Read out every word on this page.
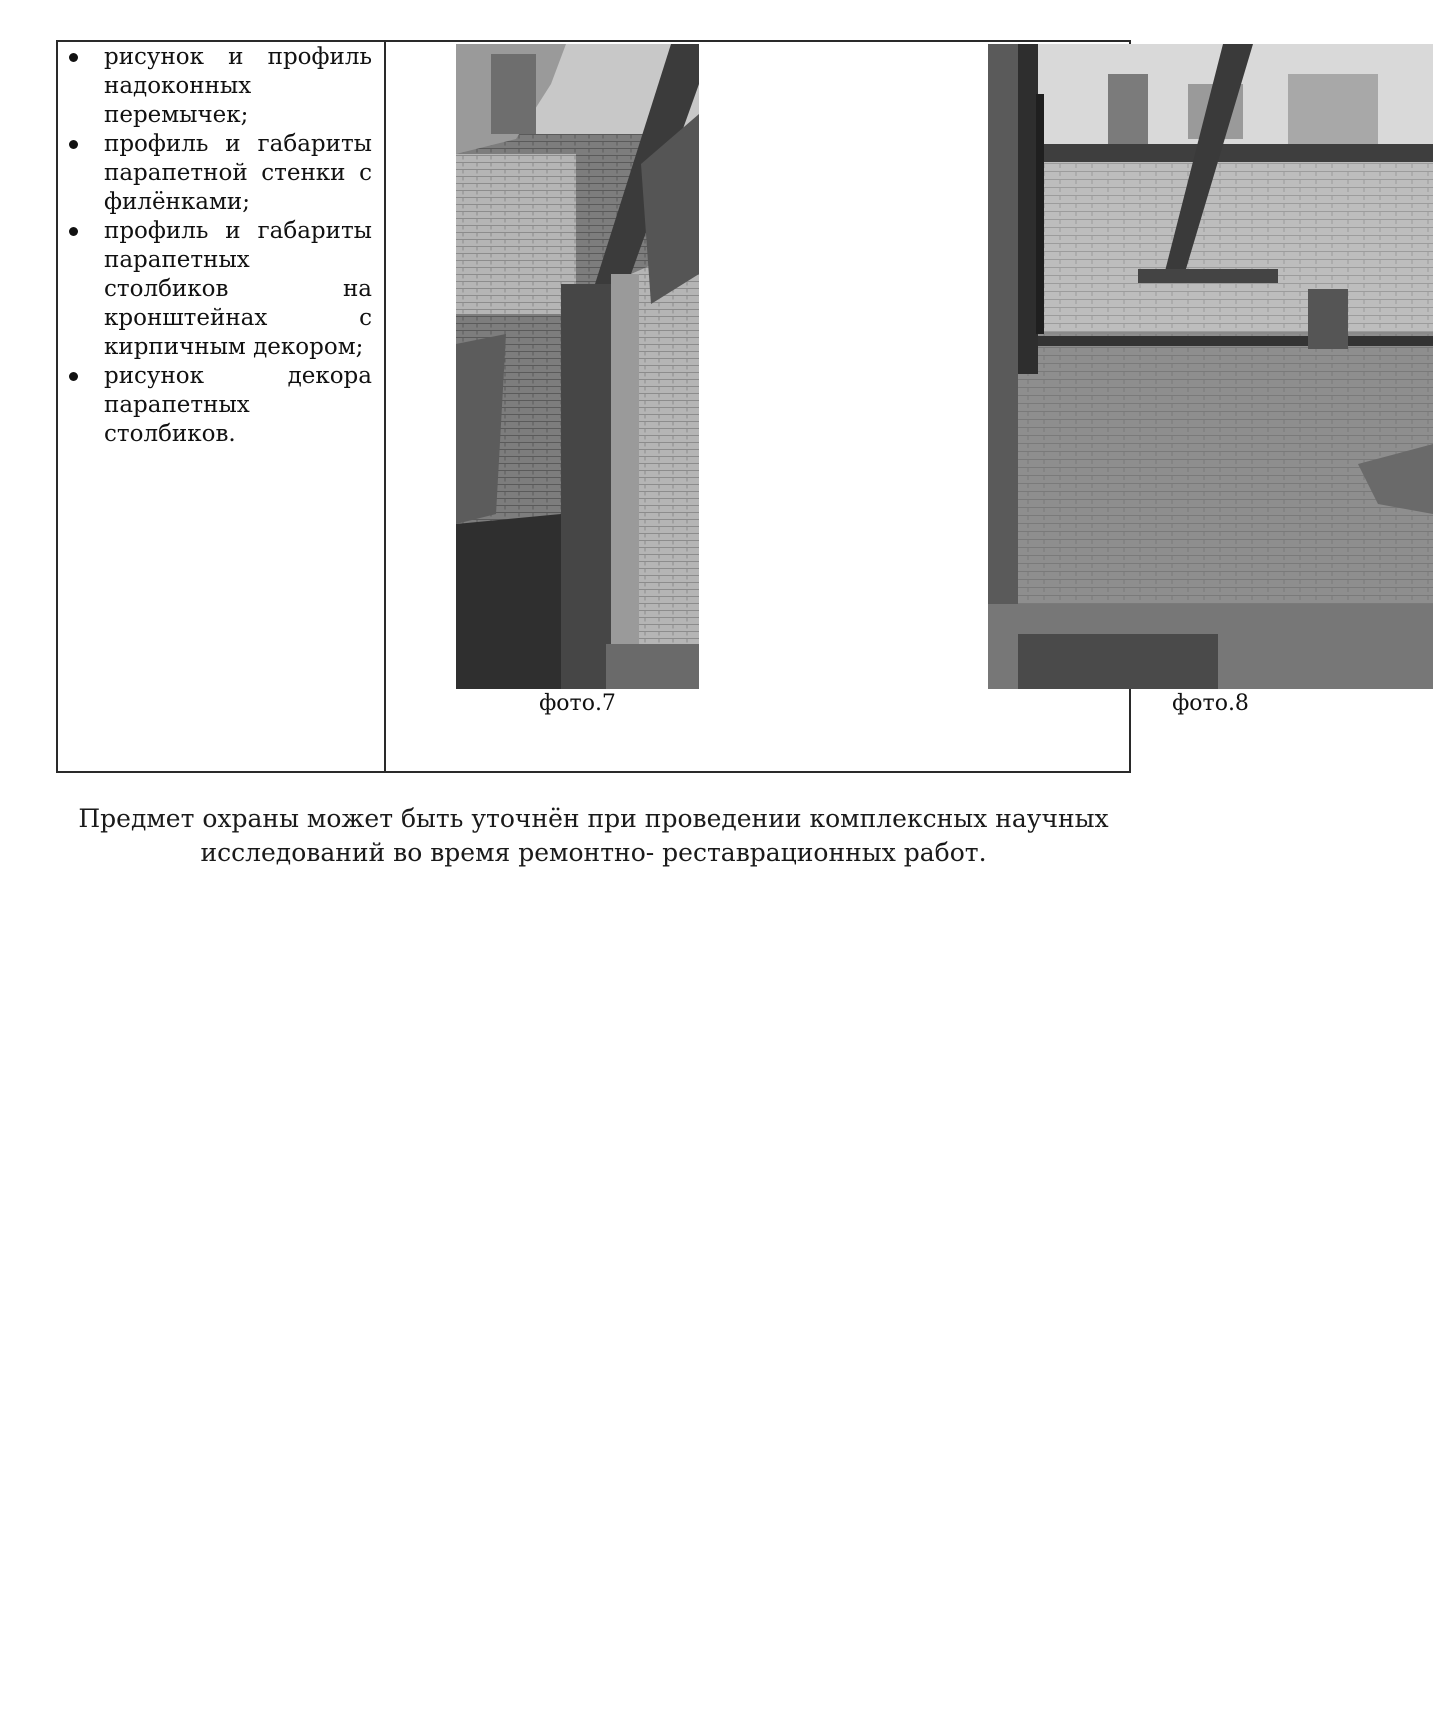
рисунок и профиль надоконных перемычек;
профиль и габариты парапетной стенки с филёнками;
профиль и габариты парапетных столбиков на кронштейнах с кирпичным декором;
рисунок декора парапетных столбиков.
фото.7	фото.8

Предмет охраны может быть уточнён при проведении комплексных научных
исследований во время ремонтно- реставрационных работ.
